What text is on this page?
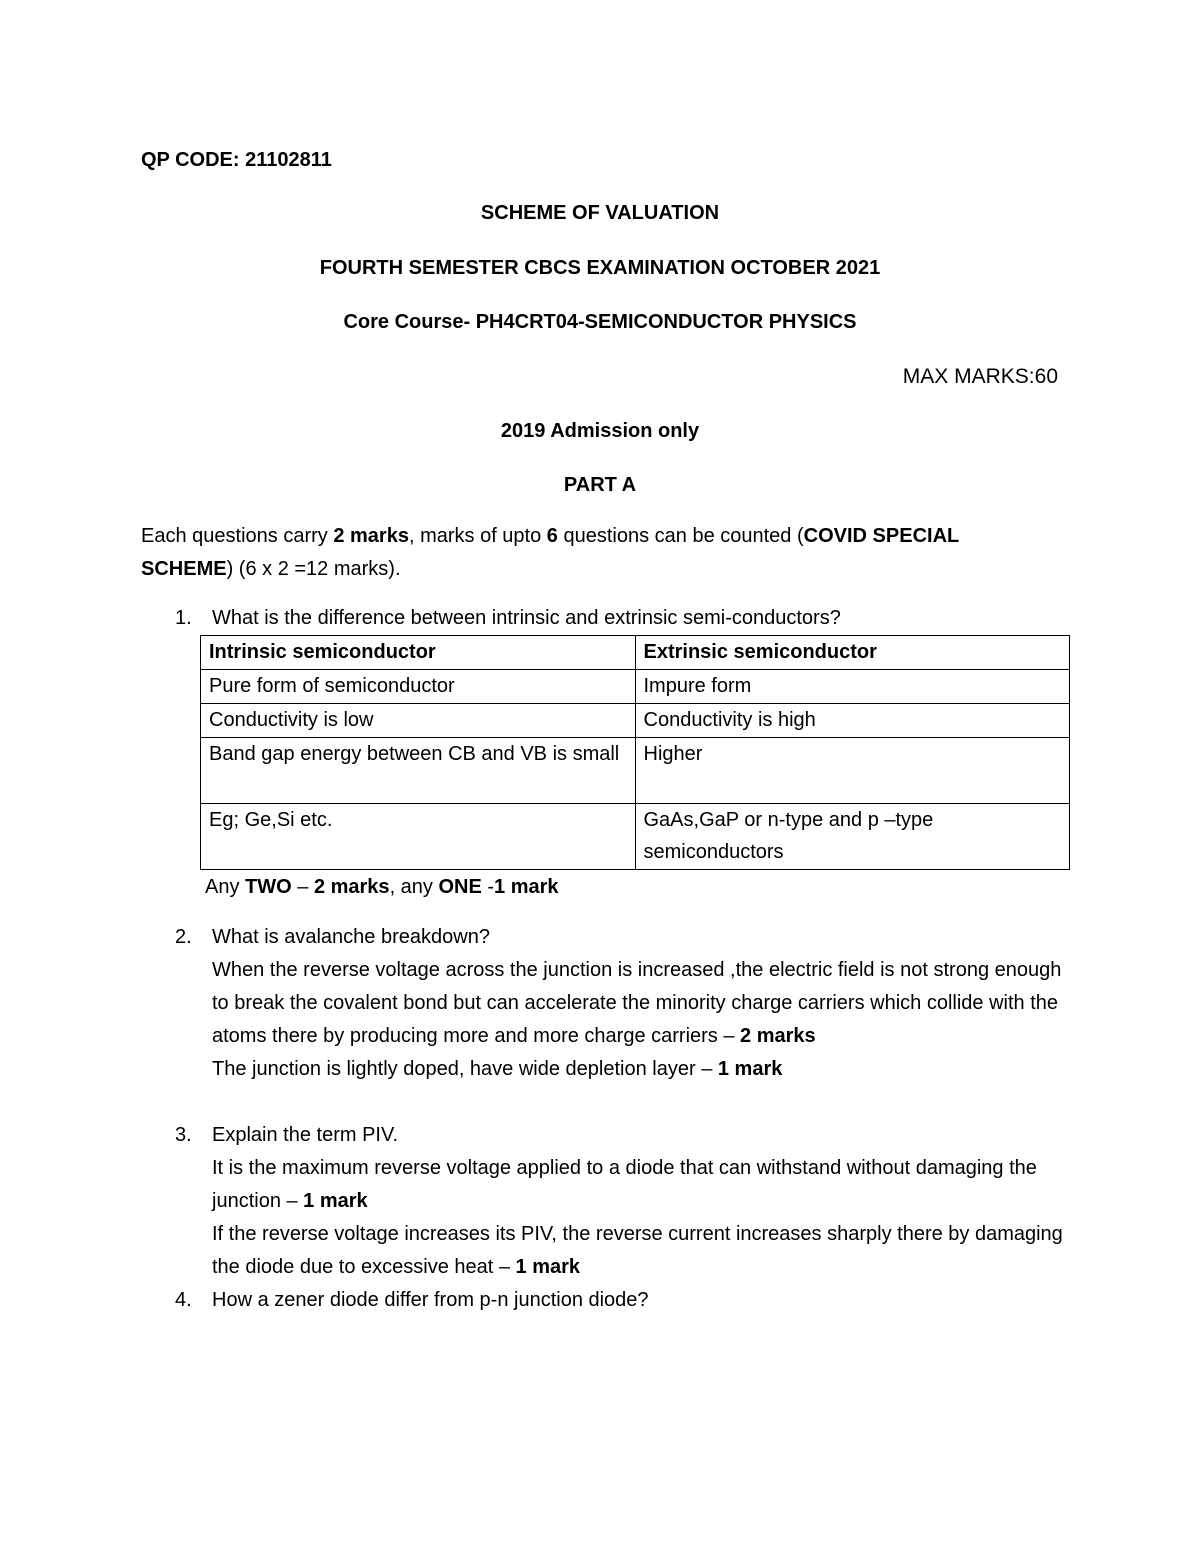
QP CODE: 21102811
SCHEME OF VALUATION
FOURTH SEMESTER CBCS EXAMINATION OCTOBER 2021
Core Course- PH4CRT04-SEMICONDUCTOR PHYSICS
MAX MARKS:60
2019 Admission only
PART A
Each questions carry 2 marks, marks of upto 6 questions can be counted (COVID SPECIAL SCHEME) (6 x 2 =12 marks).
1. What is the difference between intrinsic and extrinsic semi-conductors?
Intrinsic semiconductor	Extrinsic semiconductor
Pure form of semiconductor	Impure form
Conductivity is low	Conductivity is high
Band gap energy between CB and VB is small	Higher
Eg; Ge,Si etc.	GaAs,GaP or n-type and p –type semiconductors
Any TWO – 2 marks, any ONE -1 mark
2. What is avalanche breakdown?

When the reverse voltage across the junction is increased ,the electric field is not strong enough to break the covalent bond but can accelerate the minority charge carriers which collide with the atoms there by producing more and more charge carriers – 2 marks

The junction is lightly doped, have wide depletion layer – 1 mark

3. Explain the term PIV.

It is the maximum reverse voltage applied to a diode that can withstand without damaging the junction – 1 mark

If the reverse voltage increases its PIV, the reverse current increases sharply there by damaging the diode due to excessive heat – 1 mark

4. How a zener diode differ from p-n junction diode?
